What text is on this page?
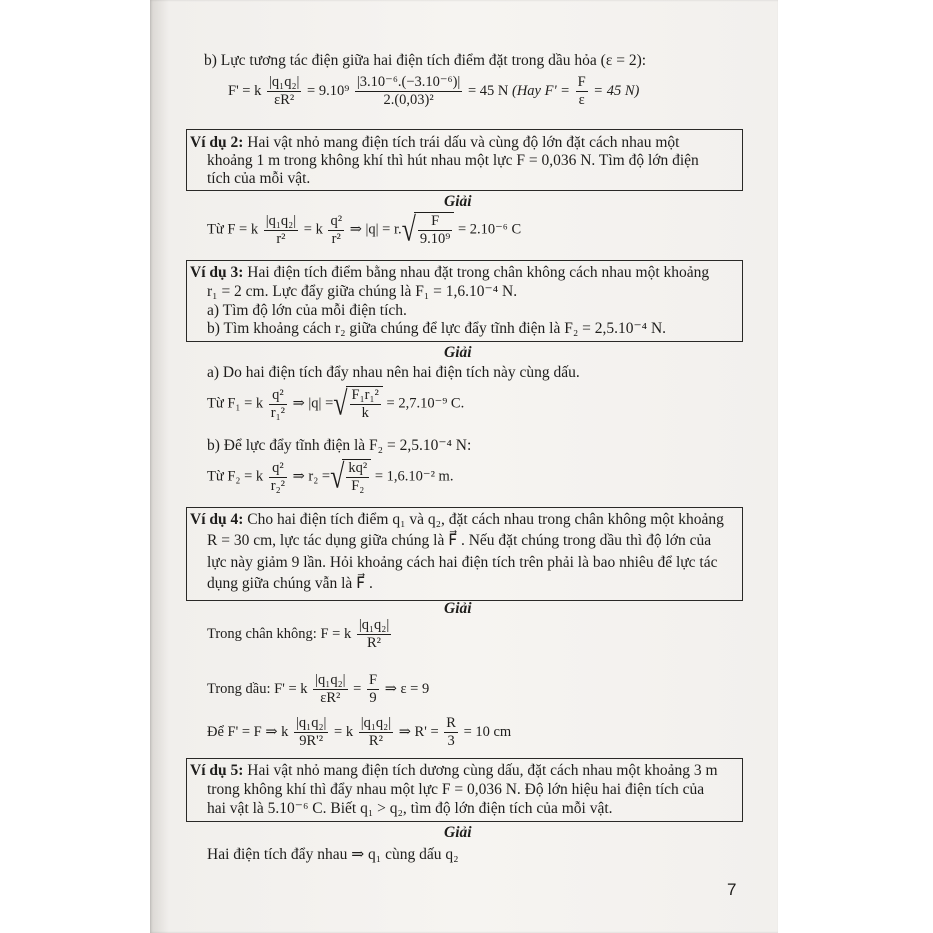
b) Lực tương tác điện giữa hai điện tích điểm đặt trong dầu hỏa (ε = 2):
F' = k $\frac{\text{|q₁q₂|}}{\text{εR²}} = 9.10^9 \frac{\text{|3.10⁻⁶.(−3.10⁻⁶)|}}{\text{2.(0,03)²}} = 45$ N (Hay $F' = \frac{F}{\varepsilon} = 45$ N)
Ví dụ 2: Hai vật nhỏ mang điện tích trái dấu và cùng độ lớn đặt cách nhau một
khoảng 1 m trong không khí thì hút nhau một lực F = 0,036 N. Tìm độ lớn điện
tích của mỗi vật.
Giải
Từ F = k $\frac{\text{|q₁q₂|}}{\text{r²}} = k \frac{\text{q²}}{\text{r²}}$ ⇒ $|q| = r.√ \frac{F}{\text{9.10⁹}} = 2.10^{-6}$ C
Ví dụ 3: Hai điện tích điểm bằng nhau đặt trong chân không cách nhau một khoảng
r₁ = 2 cm. Lực đẩy giữa chúng là F₁ = 1,6.10⁻⁴ N.
a) Tìm độ lớn của mỗi điện tích.
b) Tìm khoảng cách r₂ giữa chúng để lực đẩy tĩnh điện là F₂ = 2,5.10⁻⁴ N.
Giải
a) Do hai điện tích đẩy nhau nên hai điện tích này cùng dấu.
Từ F₁ = k $\frac{\text{q²}}{\text{r₁²}}$ ⇒ |q| =√ $\frac{\text{F₁r₁²}}{k} = 2,7.10^{-9}$ C.
b) Để lực đẩy tĩnh điện là F₂ = 2,5.10⁻⁴ N:
Từ F₂ = k $\frac{\text{q²}}{\text{r₂²}}$ ⇒ r₂ =√ $\frac{\text{kq²}}{\text{F₂}} = 1,6.10^{-2}$ m.
Ví dụ 4: Cho hai điện tích điểm q₁ và q₂, đặt cách nhau trong chân không một khoảng
R = 30 cm, lực tác dụng giữa chúng là F⃗ . Nếu đặt chúng trong dầu thì độ lớn của
lực này giảm 9 lần. Hỏi khoảng cách hai điện tích trên phải là bao nhiêu để lực tác
dụng giữa chúng vẫn là F⃗ .
Giải
Trong chân không: F = k $\frac{\text{|q₁q₂|}}{\text{R²}}$
Trong dầu: F' = k $\frac{\text{|q₁q₂|}}{\text{εR²}} = \frac{F}{9}$ ⇒ ε = 9
Để F' = F ⇒ k $\frac{\text{|q₁q₂|}}{\text{9R'²}} = k \frac{\text{|q₁q₂|}}{\text{R²}}$ ⇒ $R' = \frac{R}{3} = 10$ cm
Ví dụ 5: Hai vật nhỏ mang điện tích dương cùng dấu, đặt cách nhau một khoảng 3 m
trong không khí thì đẩy nhau một lực F = 0,036 N. Độ lớn hiệu hai điện tích của
hai vật là 5.10⁻⁶ C. Biết q₁ > q₂, tìm độ lớn điện tích của mỗi vật.
Giải
Hai điện tích đẩy nhau ⇒ q₁ cùng dấu q₂
7
